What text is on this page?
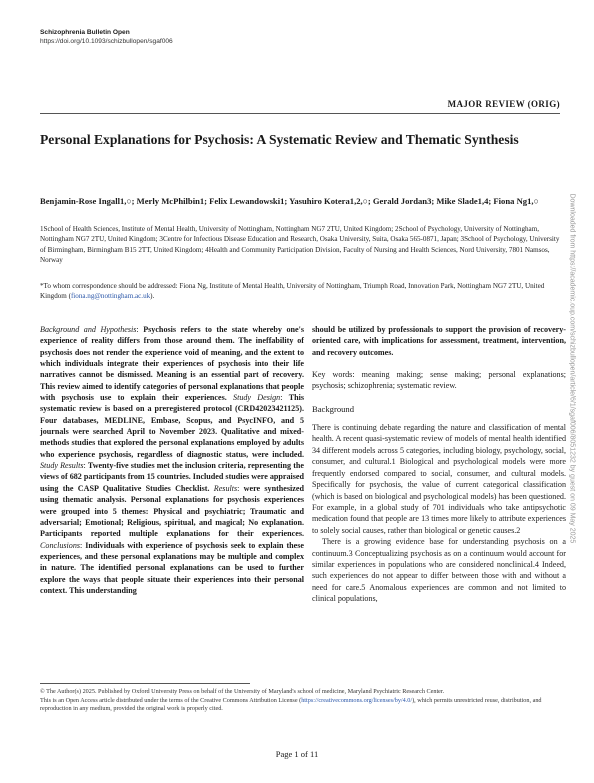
Schizophrenia Bulletin Open
https://doi.org/10.1093/schizbullopen/sgaf006
MAJOR REVIEW (ORIG)
Personal Explanations for Psychosis: A Systematic Review and Thematic Synthesis
Benjamin-Rose Ingall1,○; Merly McPhilbin1; Felix Lewandowski1; Yasuhiro Kotera1,2,○; Gerald Jordan3; Mike Slade1,4; Fiona Ng1,○
1School of Health Sciences, Institute of Mental Health, University of Nottingham, Nottingham NG7 2TU, United Kingdom; 2School of Psychology, University of Nottingham, Nottingham NG7 2TU, United Kingdom; 3Centre for Infectious Disease Education and Research, Osaka University, Suita, Osaka 565-0871, Japan; 3School of Psychology, University of Birmingham, Birmingham B15 2TT, United Kingdom; 4Health and Community Participation Division, Faculty of Nursing and Health Sciences, Nord University, 7801 Namsos, Norway
*To whom correspondence should be addressed: Fiona Ng, Institute of Mental Health, University of Nottingham, Triumph Road, Innovation Park, Nottingham NG7 2TU, United Kingdom (fiona.ng@nottingham.ac.uk).
Background and Hypothesis: Psychosis refers to the state whereby one's experience of reality differs from those around them. The ineffability of psychosis does not render the experience void of meaning, and the extent to which individuals integrate their experiences of psychosis into their life narratives cannot be dismissed. Meaning is an essential part of recovery. This review aimed to identify categories of personal explanations that people with psychosis use to explain their experiences. Study Design: This systematic review is based on a preregistered protocol (CRD42023421125). Four databases, MEDLINE, Embase, Scopus, and PsycINFO, and 5 journals were searched April to November 2023. Qualitative and mixed-methods studies that explored the personal explanations employed by adults who experience psychosis, regardless of diagnostic status, were included. Study Results: Twenty-five studies met the inclusion criteria, representing the views of 682 participants from 15 countries. Included studies were appraised using the CASP Qualitative Studies Checklist. Results: were synthesized using thematic analysis. Personal explanations for psychosis experiences were grouped into 5 themes: Physical and psychiatric; Traumatic and adversarial; Emotional; Religious, spiritual, and magical; No explanation. Participants reported multiple explanations for their experiences. Conclusions: Individuals with experience of psychosis seek to explain these experiences, and these personal explanations may be multiple and complex in nature. The identified personal explanations can be used to further explore the ways that people situate their experiences into their personal context. This understanding
should be utilized by professionals to support the provision of recovery-oriented care, with implications for assessment, treatment, intervention, and recovery outcomes.
Key words: meaning making; sense making; personal explanations; psychosis; schizophrenia; systematic review.
Background

There is continuing debate regarding the nature and classification of mental health. A recent quasi-systematic review of models of mental health identified 34 different models across 5 categories, including biology, psychology, social, consumer, and cultural.1 Biological and psychological models were more frequently endorsed compared to social, consumer, and cultural models. Specifically for psychosis, the value of current categorical classification (which is based on biological and psychological models) has been questioned. For example, in a global study of 701 individuals who take antipsychotic medication found that people are 13 times more likely to attribute experiences to solely social causes, rather than biological or genetic causes.2

There is a growing evidence base for understanding psychosis on a continuum.3 Conceptualizing psychosis as on a continuum would account for similar experiences in populations who are considered nonclinical.4 Indeed, such experiences do not appear to differ between those with and without a need for care.5 Anomalous experiences are common and not limited to clinical populations,

© The Author(s) 2025. Published by Oxford University Press on behalf of the University of Maryland's school of medicine, Maryland Psychiatric Research Center.
This is an Open Access article distributed under the terms of the Creative Commons Attribution License (https://creativecommons.org/licenses/by/4.0/), which permits unrestricted reuse, distribution, and reproduction in any medium, provided the original work is properly cited.
Page 1 of 11
Downloaded from https://academic.oup.com/schizbullopen/article/6/1/sgaf006/8051232 by guest on 09 May 2025
